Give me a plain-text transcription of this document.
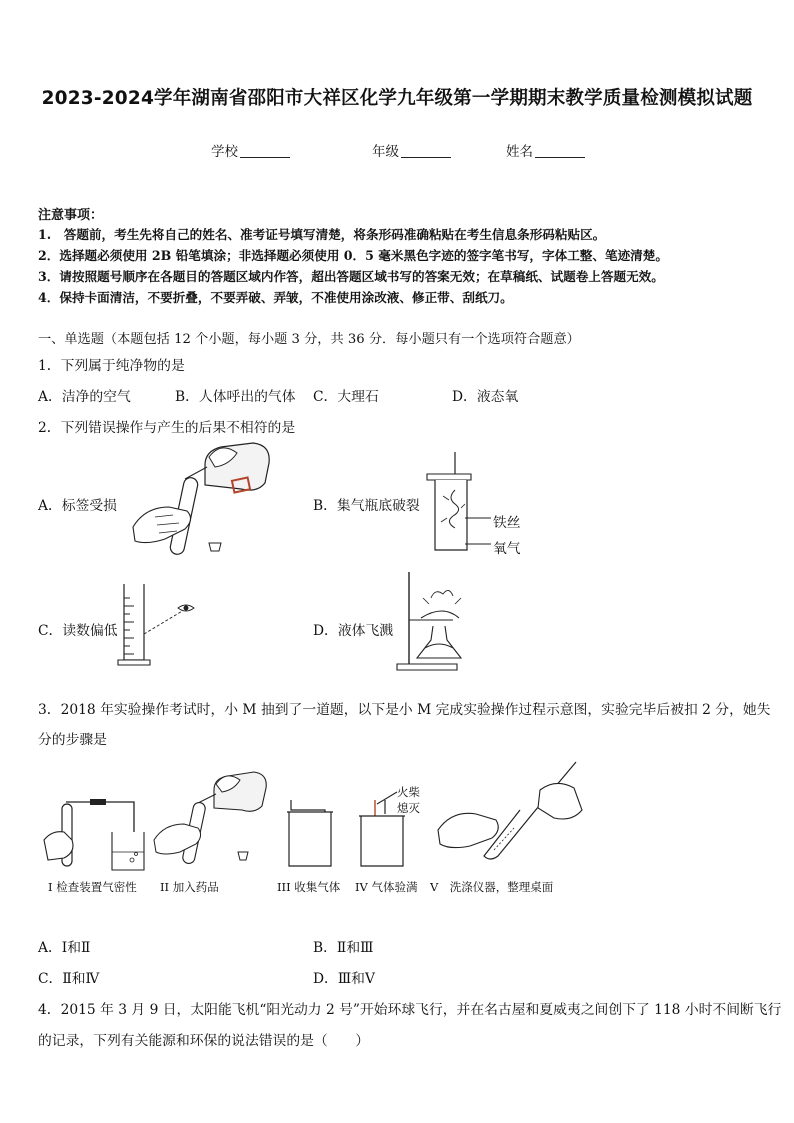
2023-2024学年湖南省邵阳市大祥区化学九年级第一学期期末教学质量检测模拟试题
学校	年级	姓名
注意事项：
1.　答题前，考生先将自己的姓名、准考证号填写清楚，将条形码准确粘贴在考生信息条形码粘贴区。
2．选择题必须使用 2B 铅笔填涂；非选择题必须使用 0．5 毫米黑色字迹的签字笔书写，字体工整、笔迹清楚。
3．请按照题号顺序在各题目的答题区域内作答，超出答题区域书写的答案无效；在草稿纸、试题卷上答题无效。
4．保持卡面清洁，不要折叠，不要弄破、弄皱，不准使用涂改液、修正带、刮纸刀。
一、单选题（本题包括 12 个小题，每小题 3 分，共 36 分．每小题只有一个选项符合题意）
1．下列属于纯净物的是
A．洁净的空气	B．人体呼出的气体 C．大理石	D．液态氧
2．下列错误操作与产生的后果不相符的是
A．标签受损	B．集气瓶底破裂
铁丝
氧气
C．读数偏低	D．液体飞溅
3．2018 年实验操作考试时，小 M 抽到了一道题，以下是小 M 完成实验操作过程示意图，实验完毕后被扣 2 分，她失
分的步骤是
火柴
熄灭
I 检查装置气密性 II 加入药品	III 收集气体 IV 气体验满 V　洗涤仪器，整理桌面
A．Ⅰ和Ⅱ	B．Ⅱ和Ⅲ
C．Ⅱ和Ⅳ	D．Ⅲ和Ⅴ
4．2015 年 3 月 9 日，太阳能飞机“阳光动力 2 号”开始环球飞行，并在名古屋和夏威夷之间创下了 118 小时不间断飞行
的记录，下列有关能源和环保的说法错误的是（　　）
